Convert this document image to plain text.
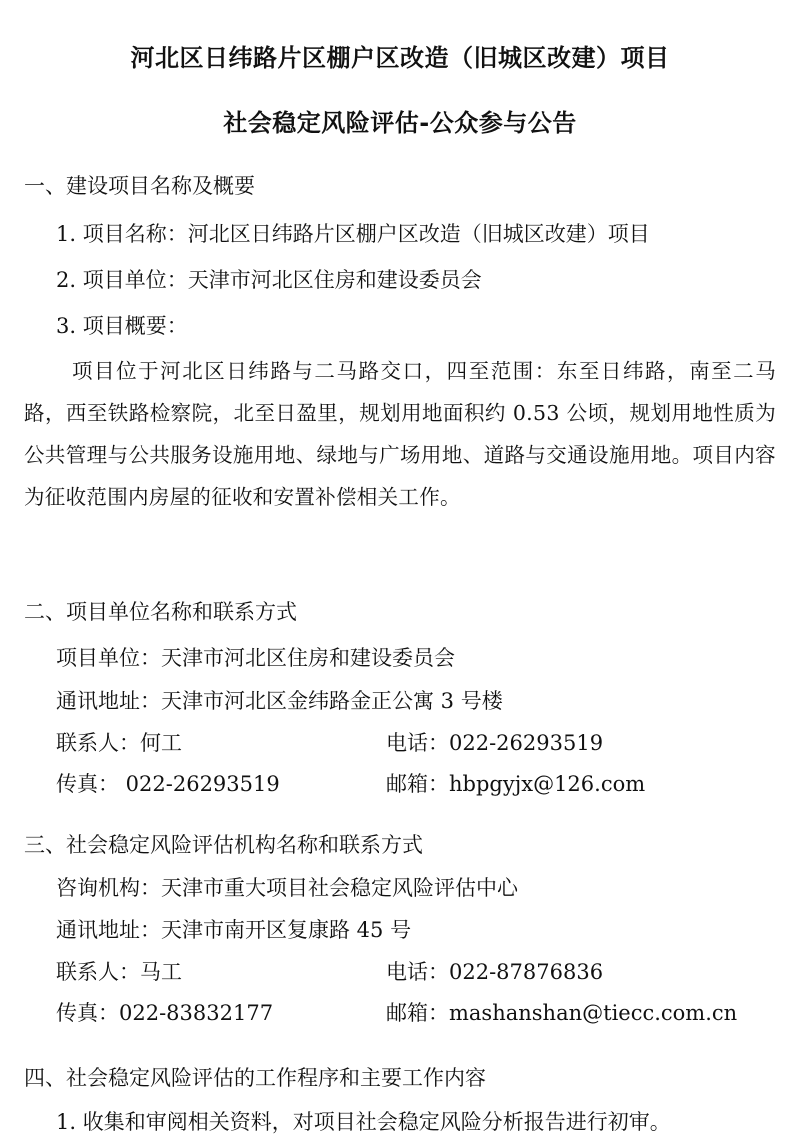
河北区日纬路片区棚户区改造（旧城区改建）项目
社会稳定风险评估-公众参与公告
一、建设项目名称及概要
1. 项目名称：河北区日纬路片区棚户区改造（旧城区改建）项目
2. 项目单位：天津市河北区住房和建设委员会
3. 项目概要：
项目位于河北区日纬路与二马路交口，四至范围：东至日纬路，南至二马路，西至铁路检察院，北至日盈里，规划用地面积约 0.53 公顷，规划用地性质为公共管理与公共服务设施用地、绿地与广场用地、道路与交通设施用地。项目内容为征收范围内房屋的征收和安置补偿相关工作。
二、项目单位名称和联系方式
项目单位：天津市河北区住房和建设委员会
通讯地址：天津市河北区金纬路金正公寓 3 号楼
联系人：何工	电话：022-26293519
传真： 022-26293519	邮箱：hbpgyjx@126.com
三、社会稳定风险评估机构名称和联系方式
咨询机构：天津市重大项目社会稳定风险评估中心
通讯地址：天津市南开区复康路 45 号
联系人：马工	电话：022-87876836
传真：022-83832177	邮箱：mashanshan@tiecc.com.cn
四、社会稳定风险评估的工作程序和主要工作内容
1. 收集和审阅相关资料，对项目社会稳定风险分析报告进行初审。
